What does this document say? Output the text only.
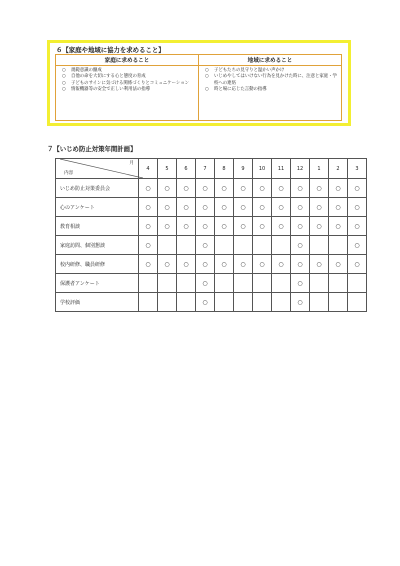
６【家庭や地域に協力を求めること】
家庭に求めること
○	規範意識の醸成
○	自他の命を大切にする心と態度の育成
○	子どものサインに気づける関係づくりとコミュニケーション
○	情報機器等の安全で正しい利用法の指導
地域に求めること
○	子どもたちの見守りと温かい声かけ
○	いじめやしてはいけない行為を見かけた時に、注意と家庭・学校への連絡
○	時と場に応じた言動の指導
７【いじめ防止対策年間計画】
月
内容	4	5	6	7	8	9	10	11	12	1	2	3
いじめ防止対策委員会	○	○	○	○	○	○	○	○	○	○	○	○
心のアンケート	○	○	○	○	○	○	○	○	○	○	○	○
教育相談	○	○	○	○	○	○	○	○	○	○	○	○
家庭訪問、個別懇談	○			○					○			○
校内研修、職員研修	○	○	○	○	○	○	○	○	○	○	○	○
保護者アンケート				○					○			
学校評価				○					○			
